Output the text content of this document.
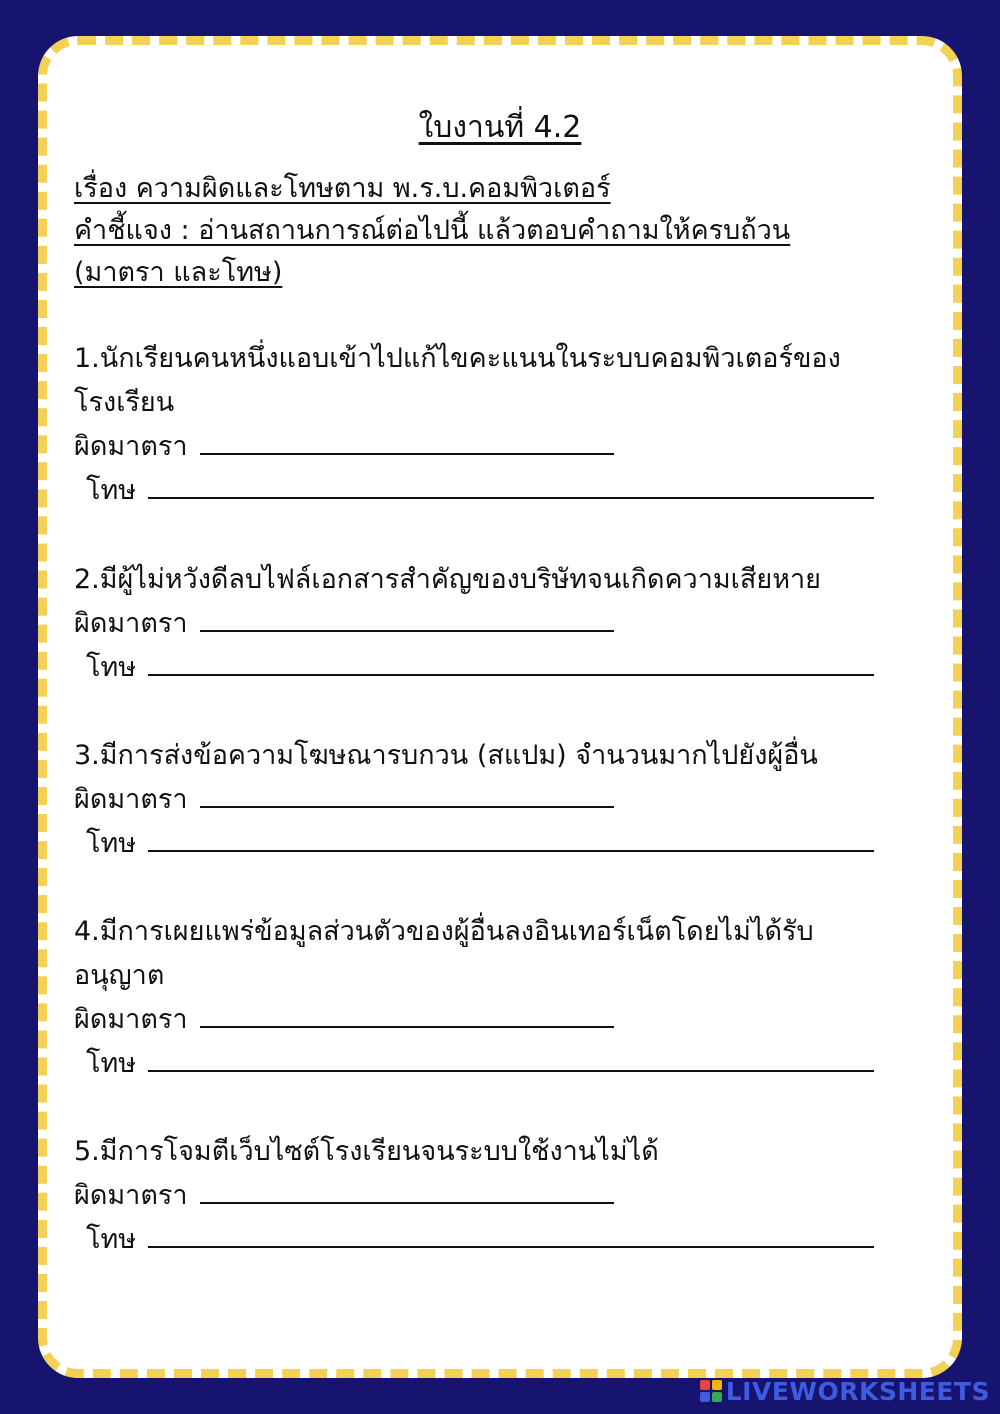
ใบงานที่ 4.2
เรื่อง ความผิดและโทษตาม พ.ร.บ.คอมพิวเตอร์
คำชี้แจง : อ่านสถานการณ์ต่อไปนี้ แล้วตอบคำถามให้ครบถ้วน
(มาตรา และโทษ)
1.นักเรียนคนหนึ่งแอบเข้าไปแก้ไขคะแนนในระบบคอมพิวเตอร์ของ
โรงเรียน
ผิดมาตรา
โทษ
2.มีผู้ไม่หวังดีลบไฟล์เอกสารสำคัญของบริษัทจนเกิดความเสียหาย
ผิดมาตรา
โทษ
3.มีการส่งข้อความโฆษณารบกวน (สแปม) จำนวนมากไปยังผู้อื่น
ผิดมาตรา
โทษ
4.มีการเผยแพร่ข้อมูลส่วนตัวของผู้อื่นลงอินเทอร์เน็ตโดยไม่ได้รับ
อนุญาต
ผิดมาตรา
โทษ
5.มีการโจมตีเว็บไซต์โรงเรียนจนระบบใช้งานไม่ได้
ผิดมาตรา
โทษ
LIVEWORKSHEETS
